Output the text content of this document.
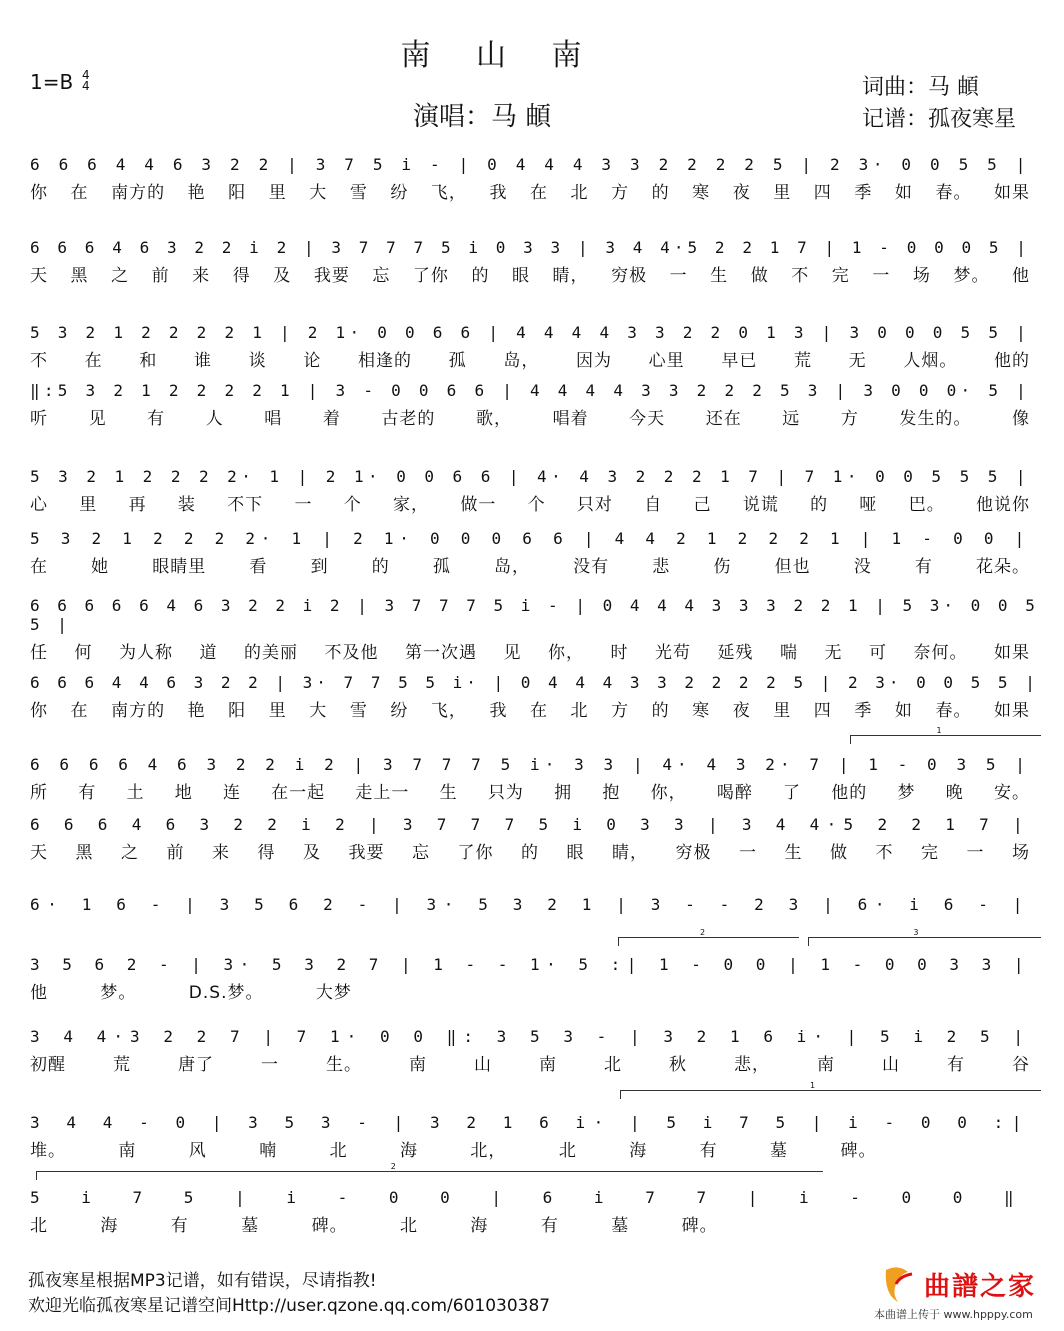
南 山 南
1=B 4
4
演唱：马 頔
词曲：马 頔
记谱：孤夜寒星
6 6 6 4 4 6 3 2 2 | 3 7 5 i - | 0 4 4 4 3 3 2 2 2 2 5 | 2 3· 0 0 5 5 |
你 在 南方的 艳 阳 里 大 雪 纷 飞， 我 在 北 方 的 寒 夜 里 四 季 如 春。 如果
6 6 6 4 6 3 2 2 i 2 | 3 7 7 7 5 i 0 3 3 | 3 4 4·5 2 2 1 7 | 1 - 0 0 0 5 |
天 黑 之 前 来 得 及 我要 忘 了你 的 眼 睛， 穷极 一 生 做 不 完 一 场 梦。 他
5 3 2 1 2 2 2 2 1 | 2 1· 0 0 6 6 | 4 4 4 4 3 3 2 2 0 1 3 | 3 0 0 0 5 5 |
不 在 和 谁 谈 论 相逢的 孤 岛， 因为 心里 早已 荒 无 人烟。 他的
‖:5 3 2 1 2 2 2 2 1 | 3 - 0 0 6 6 | 4 4 4 4 3 3 2 2 2 5 3 | 3 0 0 0· 5 |
听 见 有 人 唱 着 古老的 歌， 唱着 今天 还在 远 方 发生的。 像
5 3 2 1 2 2 2 2· 1 | 2 1· 0 0 6 6 | 4· 4 3 2 2 2 1 7 | 7 1· 0 0 5 5 5 |
心 里 再 装 不下 一 个 家， 做一 个 只对 自 己 说谎 的 哑 巴。 他说你
5 3 2 1 2 2 2 2· 1 | 2 1· 0 0 0 6 6 | 4 4 2 1 2 2 2 1 | 1 - 0 0 |
在 她 眼睛里 看 到 的 孤 岛， 没有 悲 伤 但也 没 有 花朵。
6 6 6 6 6 4 6 3 2 2 i 2 | 3 7 7 7 5 i - | 0 4 4 4 3 3 3 2 2 1 | 5 3· 0 0 5 5 |
任 何 为人称 道 的美丽 不及他 第一次遇 见 你， 时 光苟 延残 喘 无 可 奈何。 如果
6 6 6 4 4 6 3 2 2 | 3· 7 7 5 5 i· | 0 4 4 4 3 3 2 2 2 2 5 | 2 3· 0 0 5 5 |
你 在 南方的 艳 阳 里 大 雪 纷 飞， 我 在 北 方 的 寒 夜 里 四 季 如 春。 如果
6 6 6 6 4 6 3 2 2 i 2 | 3 7 7 7 5 i· 3 3 | 4· 4 3 2· 7 | 1 - 0 3 5 |
所 有 土 地 连 在一起 走上一 生 只为 拥 抱 你， 喝醉 了 他的 梦 晚 安。
6 6 6 4 6 3 2 2 i 2 | 3 7 7 7 5 i 0 3 3 | 3 4 4·5 2 2 1 7 |
天 黑 之 前 来 得 及 我要 忘 了你 的 眼 睛， 穷极 一 生 做 不 完 一 场
6· 1 6 - | 3 5 6 2 - | 3· 5 3 2 1 | 3 - - 2 3 | 6· i 6 - |
3 5 6 2 - | 3· 5 3 2 7 | 1 - - 1· 5 :| 1 - 0 0 | 1 - 0 0 3 3 |
他 梦。 D.S.梦。 大梦
3 4 4·3 2 2 7 | 7 1· 0 0 ‖: 3 5 3 - | 3 2 1 6 i· | 5 i 2 5 |
初醒 荒 唐了 一 生。 南 山 南 北 秋 悲， 南 山 有 谷
3 4 4 - 0 | 3 5 3 - | 3 2 1 6 i· | 5 i 7 5 | i - 0 0 :|
堆。 南 风 喃 北 海 北， 北 海 有 墓 碑。
5 i 7 5 | i - 0 0 | 6 i 7 7 | i - 0 0 ‖
北 海 有 墓 碑。 北 海 有 墓 碑。
1
2	3
1
2
孤夜寒星根据MP3记谱，如有错误，尽请指教!
欢迎光临孤夜寒星记谱空间Http://user.qzone.qq.com/601030387
曲譜之家
本曲谱上传于 www.hpppy.com
